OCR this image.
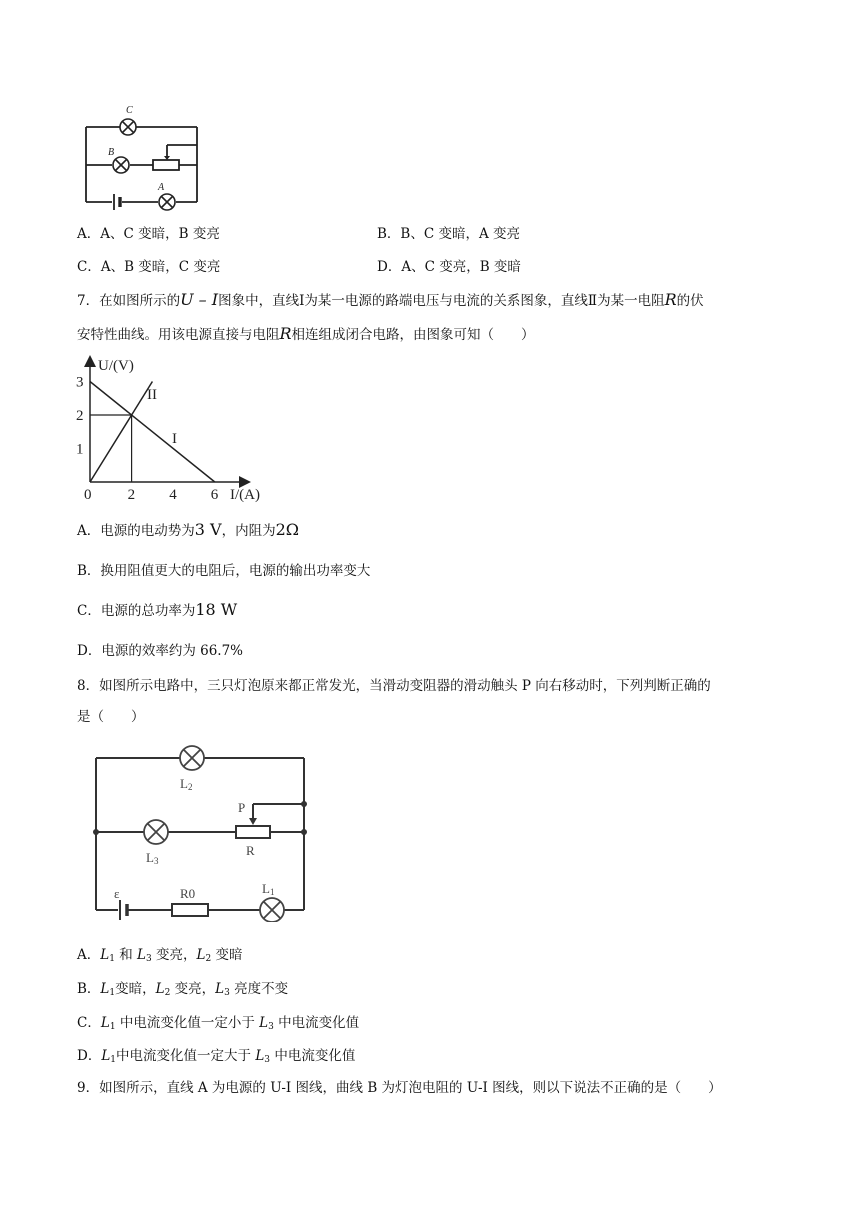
C
B
A
A．A、C 变暗，B 变亮	B．B、C 变暗，A 变亮
C．A、B 变暗，C 变亮	D．A、C 变亮，B 变暗
7．在如图所示的U – I图象中，直线Ⅰ为某一电源的路端电压与电流的关系图象，直线Ⅱ为某一电阻R的伏
安特性曲线。用该电源直接与电阻R相连组成闭合电路，由图象可知（　　）
U/(V)
I/(A)
1
2
3
0 2 4 6
II
I
A．电源的电动势为3 V，内阻为2Ω
B．换用阻值更大的电阻后，电源的输出功率变大
C．电源的总功率为18 W
D．电源的效率约为 66.7%
8．如图所示电路中，三只灯泡原来都正常发光，当滑动变阻器的滑动触头 P 向右移动时，下列判断正确的
是（　　）
L2
P
R
L3
ε	R0	L1
A．$L_1$ 和 $L_3$ 变亮，$L_2$ 变暗
B．$L_1$变暗，$L_2$ 变亮，$L_3$ 亮度不变
C．$L_1$ 中电流变化值一定小于 $L_3$ 中电流变化值
D．$L_1$中电流变化值一定大于 $L_3$ 中电流变化值
9．如图所示，直线 A 为电源的 U-I 图线，曲线 B 为灯泡电阻的 U-I 图线，则以下说法不正确的是（　　）
